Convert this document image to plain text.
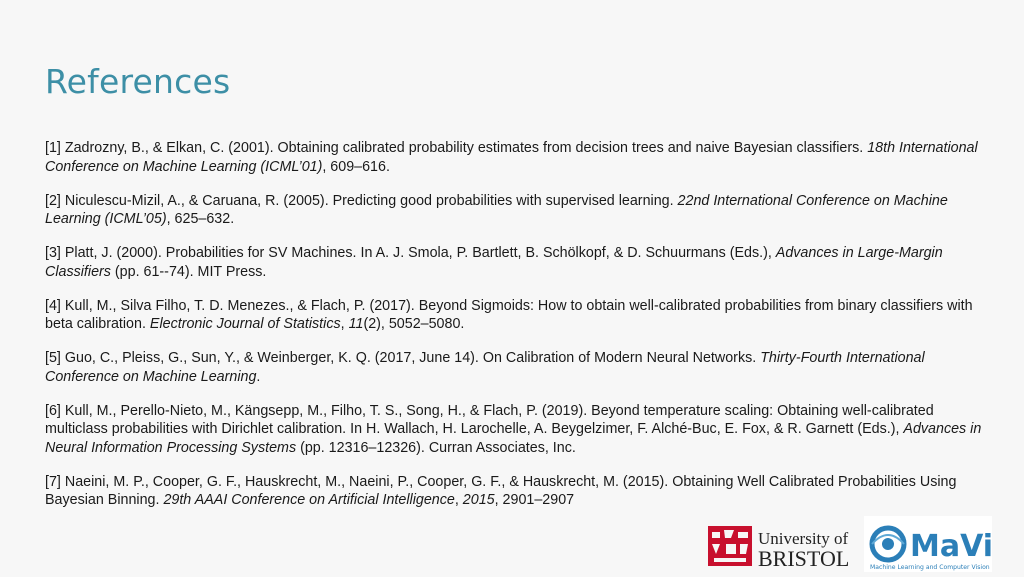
References

[1] Zadrozny, B., & Elkan, C. (2001). Obtaining calibrated probability estimates from decision trees and naive Bayesian classifiers. 18th International Conference on Machine Learning (ICML’01), 609–616.

[2] Niculescu-Mizil, A., & Caruana, R. (2005). Predicting good probabilities with supervised learning. 22nd International Conference on Machine Learning (ICML’05), 625–632.

[3] Platt, J. (2000). Probabilities for SV Machines. In A. J. Smola, P. Bartlett, B. Schölkopf, & D. Schuurmans (Eds.), Advances in Large-Margin Classifiers (pp. 61--74). MIT Press.

[4] Kull, M., Silva Filho, T. D. Menezes., & Flach, P. (2017). Beyond Sigmoids: How to obtain well-calibrated probabilities from binary classifiers with beta calibration. Electronic Journal of Statistics, 11(2), 5052–5080.

[5] Guo, C., Pleiss, G., Sun, Y., & Weinberger, K. Q. (2017, June 14). On Calibration of Modern Neural Networks. Thirty-Fourth International Conference on Machine Learning.

[6] Kull, M., Perello-Nieto, M., Kängsepp, M., Filho, T. S., Song, H., & Flach, P. (2019). Beyond temperature scaling: Obtaining well-calibrated multiclass probabilities with Dirichlet calibration. In H. Wallach, H. Larochelle, A. Beygelzimer, F. Alché-Buc, E. Fox, & R. Garnett (Eds.), Advances in Neural Information Processing Systems (pp. 12316–12326). Curran Associates, Inc.

[7] Naeini, M. P., Cooper, G. F., Hauskrecht, M., Naeini, P., Cooper, G. F., & Hauskrecht, M. (2015). Obtaining Well Calibrated Probabilities Using Bayesian Binning. 29th AAAI Conference on Artificial Intelligence, 2015, 2901–2907

University of
BRISTOL MaVi
Machine Learning and Computer Vision
